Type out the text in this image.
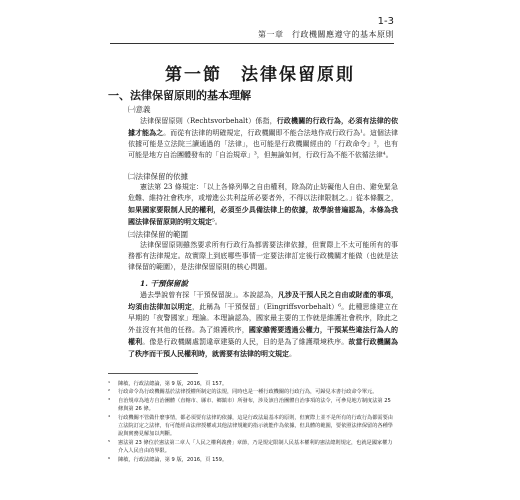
1-3
第一章　行政機關應遵守的基本原則
第一節　法律保留原則
一、法律保留原則的基本理解
㈠意義
法律保留原則（Rechtsvorbehalt）係指，行政機關的行政行為，必須有法律的依據才能為之。而從有法律的明確規定，行政機關即不能合法地作成行政行為¹。這個法律依據可能是立法院三讀通過的「法律」，也可能是行政機關經由的「行政命令」²，也有可能是地方自治團體發布的「自治規章」³，但無論如何，行政行為不能不依循法律⁴。
㈡法律保留的依據
憲法第 23 條規定：「以上各條列舉之自由權利，除為防止妨礙他人自由、避免緊急危難、維持社會秩序，或增進公共利益所必要者外，不得以法律限制之。」從本條觀之，如果國家要限制人民的權利，必須至少具備法律上的依據，故學說普遍認為，本條為我國法律保留原則的明文規定⁵。
㈢法律保留的範圍
法律保留原則雖然要求所有行政行為都需要法律依據，但實際上不太可能所有的事務都有法律規定。故實際上到底哪些事情一定要法律訂定後行政機關才能做（也就是法律保留的範圍），是法律保留原則的核心問題。
1. 干預保留說
過去學說曾有採「干預保留說」。本說認為，凡涉及干預人民之自由或財產的事項，均須由法律加以明定，此稱為「干預保留」（Eingriffsvorbehalt）⁶。此種思維建立在早期的「夜警國家」理論。本理論認為，國家最主要的工作就是維護社會秩序，除此之外並沒有其他的任務。為了維護秩序，國家雖需要透過公權力，干預某些違法行為人的權利。像是行政機關處罰違章建築的人民，目的是為了維護環境秩序。故當行政機關為了秩序而干預人民權利時，就需要有法律的明文規定。
¹ 陳敏，行政法總論，第 9 版，2016，頁 157。
² 行政命令為行政機關基於法律授權所制定的法規，同時也是一種行政機關的行政行為，可歸見本書行政命令單元。
³ 自治規章為地方自治團體（直轄市、縣市、鄉鎮市）所發布，涉及該自治團體自治事項的法令，可參見地方制度法第 25 條與第 26 條。
⁴ 行政機關不管做什麼事情，都必須要有法律的依據，這是行政法最基本的原則，但實際上並不是所有的行政行為都需要由立法院訂定之法律，有可能經由法律授權或其他法律規範的指示就能作為依據，但具體的範圍，要依照法律保留的各種學說與實務見解加以判斷。
⁵ 憲法第 23 條位於憲法第二章人「人民之權利義務」章節，乃是規定限制人民基本權利的憲法總則規定，也就是國家權力介入人民自由的界限。
⁶ 陳敏，行政法總論，第 9 版，2016，頁 159。
